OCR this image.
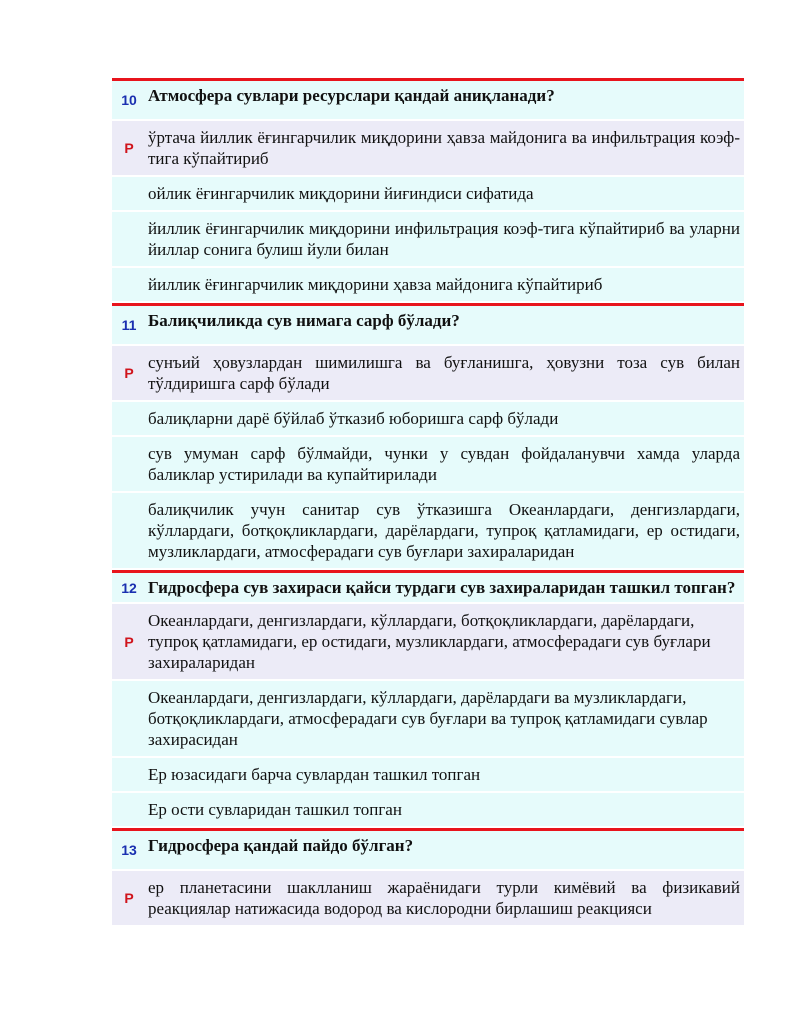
10 Атмосфера сувлари ресурслари қандай аниқланади?
P
ўртача йиллик ёғингарчилик миқдорини ҳавза майдонига ва инфильтрация коэф-тига кўпайтириб
ойлик ёғингарчилик миқдорини йиғиндиси сифатида
йиллик ёғингарчилик миқдорини инфильтрация коэф-тига кўпайтириб ва уларни йиллар сонига булиш йули билан
йиллик ёғингарчилик миқдорини ҳавза майдонига кўпайтириб
11 Балиқчиликда сув нимага сарф бўлади?
P
сунъий ҳовузлардан шимилишга ва буғланишга, ҳовузни тоза сув билан тўлдиришга сарф бўлади
балиқларни дарё бўйлаб ўтказиб юборишга сарф бўлади
сув умуман сарф бўлмайди, чунки у сувдан фойдаланувчи хамда уларда баликлар устирилади ва купайтирилади
балиқчилик учун санитар сув ўтказишга Океанлардаги, денгизлардаги, кўллардаги, ботқоқликлардаги, дарёлардаги, тупроқ қатламидаги, ер остидаги, музликлардаги, атмосферадаги сув буғлари захираларидан
12 Гидросфера сув захираси қайси турдаги сув захираларидан ташкил топган?
P
Океанлардаги, денгизлардаги, кўллардаги, ботқоқликлардаги, дарёлардаги, тупроқ қатламидаги, ер остидаги, музликлардаги, атмосферадаги сув буғлари захираларидан
Океанлардаги, денгизлардаги, кўллардаги, дарёлардаги ва музликлардаги, ботқоқликлардаги, атмосферадаги сув буғлари ва тупроқ қатламидаги сувлар захирасидан
Ер юзасидаги барча сувлардан ташкил топган
Ер ости сувларидан ташкил топган
13 Гидросфера қандай пайдо бўлган?
P
ер планетасини шаклланиш жараёнидаги турли кимёвий ва физикавий реакциялар натижасида водород ва кислородни бирлашиш реакцияси
